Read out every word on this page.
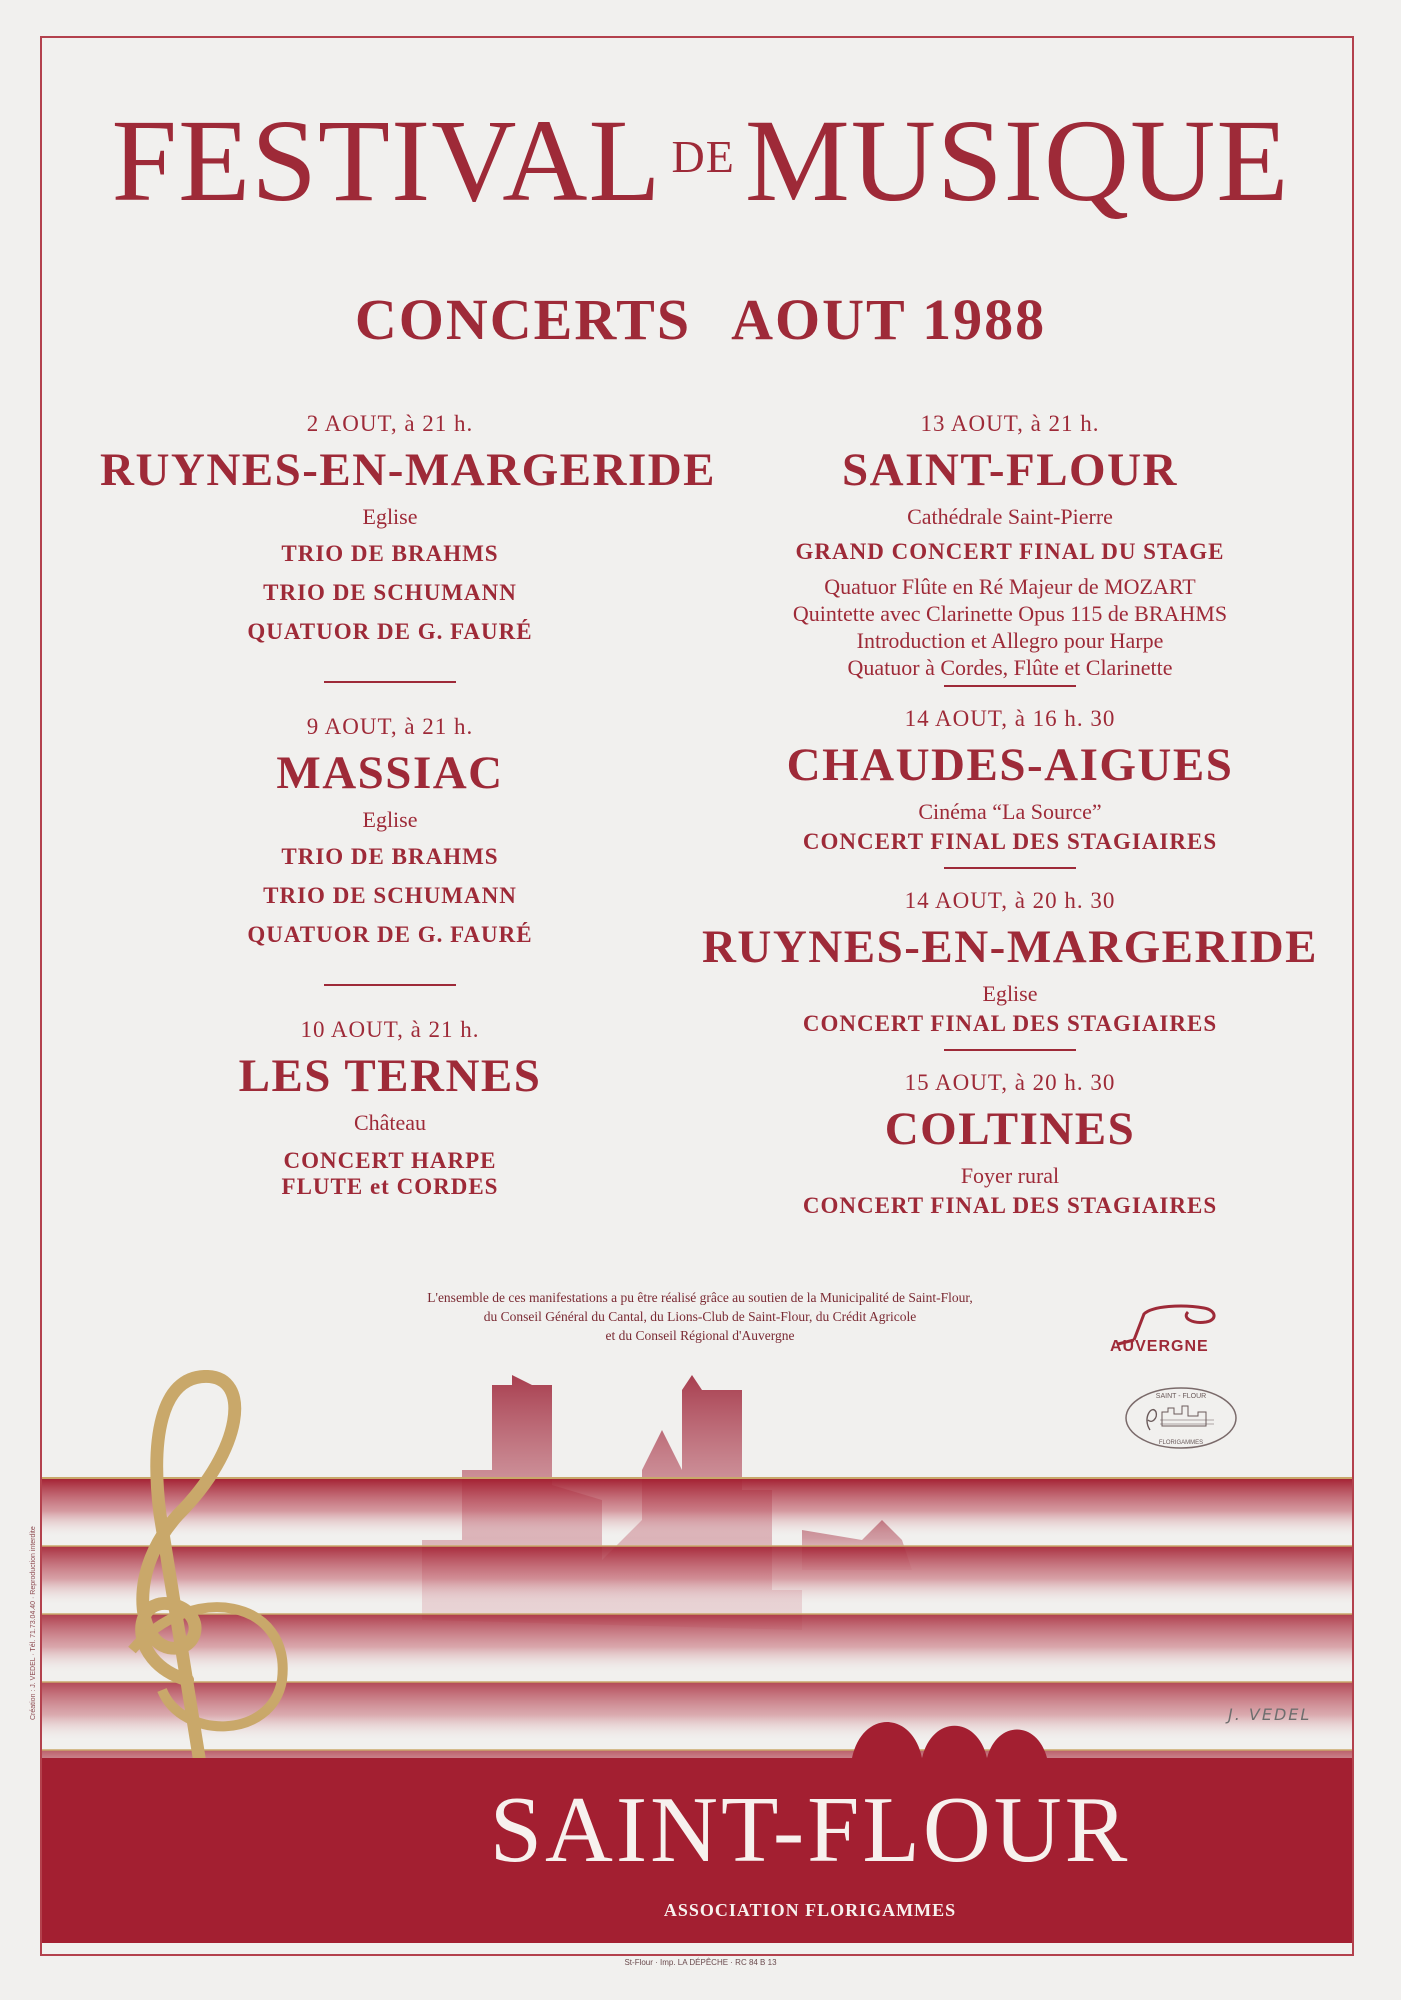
FESTIVAL $^{DE}$MUSIQUE
CONCERTS AOUT 1988
2 AOUT, à 21 h.
RUYNES-EN-MARGERIDE
Eglise
TRIO DE BRAHMS
TRIO DE SCHUMANN
QUATUOR DE G. FAURÉ
9 AOUT, à 21 h.
MASSIAC
Eglise
TRIO DE BRAHMS
TRIO DE SCHUMANN
QUATUOR DE G. FAURÉ
10 AOUT, à 21 h.
LES TERNES
Château
CONCERT HARPE
FLUTE et CORDES
13 AOUT, à 21 h.
SAINT-FLOUR
Cathédrale Saint-Pierre
GRAND CONCERT FINAL DU STAGE
Quatuor Flûte en Ré Majeur de MOZART
Quintette avec Clarinette Opus 115 de BRAHMS
Introduction et Allegro pour Harpe
Quatuor à Cordes, Flûte et Clarinette
14 AOUT, à 16 h. 30
CHAUDES-AIGUES
Cinéma “La Source”
CONCERT FINAL DES STAGIAIRES
14 AOUT, à 20 h. 30
RUYNES-EN-MARGERIDE
Eglise
CONCERT FINAL DES STAGIAIRES
15 AOUT, à 20 h. 30
COLTINES
Foyer rural
CONCERT FINAL DES STAGIAIRES
L'ensemble de ces manifestations a pu être réalisé grâce au soutien de la Municipalité de Saint-Flour,
du Conseil Général du Cantal, du Lions-Club de Saint-Flour, du Crédit Agricole
et du Conseil Régional d'Auvergne
AUVERGNE
SAINT - FLOUR
FLORIGAMMES
SAINT-FLOUR
ASSOCIATION FLORIGAMMES
J. VEDEL
Création : J. VEDEL · Tél. 71.73.04.40 · Reproduction interdite
St-Flour · Imp. LA DÉPÊCHE · RC 84 B 13
